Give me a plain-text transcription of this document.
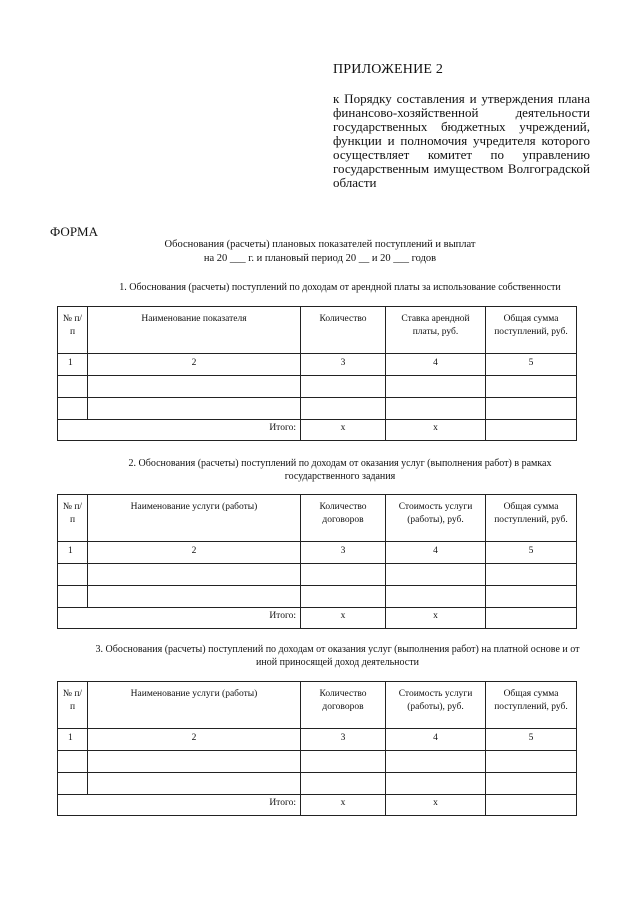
ПРИЛОЖЕНИЕ 2

к Порядку составления и утверждения плана финансово-хозяйственной деятельности государственных бюджетных учреждений, функции и полномочия учредителя которого осуществляет комитет по управлению государственным имуществом Волгоградской области

ФОРМА
Обоснования (расчеты) плановых показателей поступлений и выплат
на 20 ___ г. и плановый период 20 __ и 20 ___ годов
1. Обоснования (расчеты) поступлений по доходам от арендной платы за использование собственности
№ п/п	Наименование показателя	Количество	Ставка арендной платы, руб.	Общая сумма поступлений, руб.
1	2	3	4	5

Итого:		х	х	
2. Обоснования (расчеты) поступлений по доходам от оказания услуг (выполнения работ) в рамках государственного задания
№ п/п	Наименование услуги (работы)	Количество договоров	Стоимость услуги (работы), руб.	Общая сумма поступлений, руб.
1	2	3	4	5

Итого:		х	х	
3. Обоснования (расчеты) поступлений по доходам от оказания услуг (выполнения работ) на платной основе и от иной приносящей доход деятельности
№ п/п	Наименование услуги (работы)	Количество договоров	Стоимость услуги (работы), руб.	Общая сумма поступлений, руб.
1	2	3	4	5

Итого:		х	х	
